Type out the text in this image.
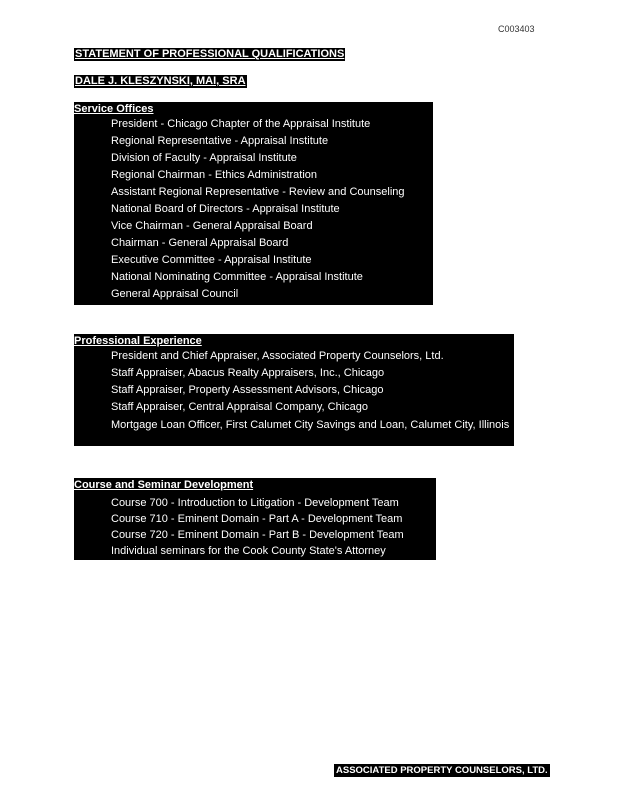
C003403
STATEMENT OF PROFESSIONAL QUALIFICATIONS
DALE J. KLESZYNSKI, MAI, SRA
Service Offices
President - Chicago Chapter of the Appraisal Institute
Regional Representative - Appraisal Institute
Division of Faculty - Appraisal Institute
Regional Chairman - Ethics Administration
Assistant Regional Representative - Review and Counseling
National Board of Directors - Appraisal Institute
Vice Chairman - General Appraisal Board
Chairman - General Appraisal Board
Executive Committee - Appraisal Institute
National Nominating Committee - Appraisal Institute
General Appraisal Council
Professional Experience
President and Chief Appraiser, Associated Property Counselors, Ltd.
Staff Appraiser, Abacus Realty Appraisers, Inc., Chicago
Staff Appraiser, Property Assessment Advisors, Chicago
Staff Appraiser, Central Appraisal Company, Chicago
Mortgage Loan Officer, First Calumet City Savings and Loan, Calumet City, Illinois
Course and Seminar Development
Course 700 - Introduction to Litigation - Development Team
Course 710 - Eminent Domain - Part A - Development Team
Course 720 - Eminent Domain - Part B - Development Team
Individual seminars for the Cook County State's Attorney
ASSOCIATED PROPERTY COUNSELORS, LTD.
